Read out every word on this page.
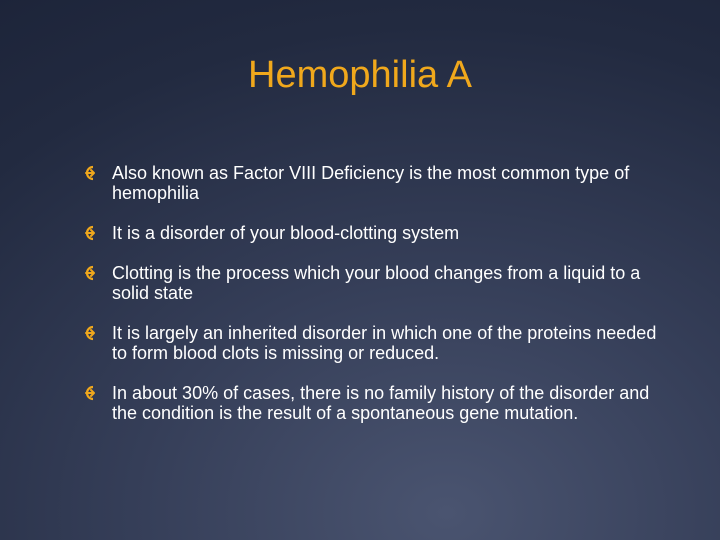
Hemophilia A
Also known as Factor VIII Deficiency is the most common type of hemophilia
It is a disorder of your blood-clotting system
Clotting is the process which your blood changes from a liquid to a solid state
It is largely an inherited disorder in which one of the proteins needed to form blood clots is missing or reduced.
In about 30% of cases, there is no family history of the disorder and the condition is the result of a spontaneous gene mutation.
